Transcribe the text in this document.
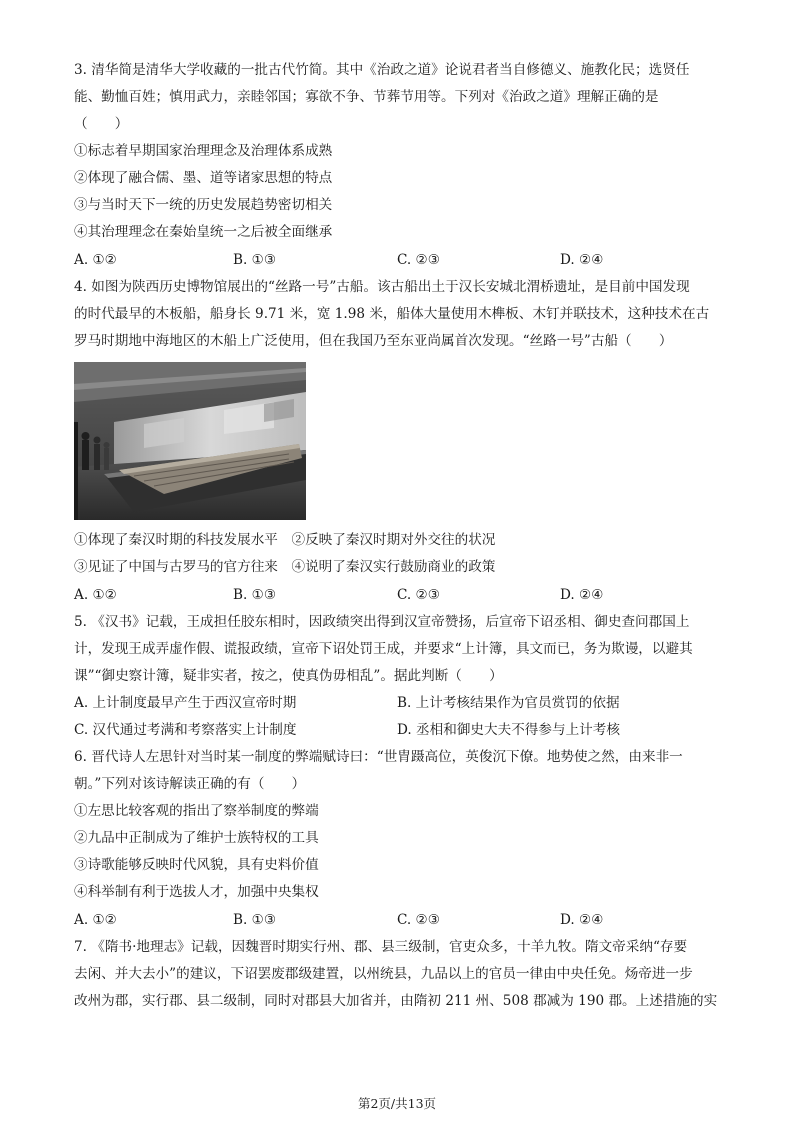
3. 清华简是清华大学收藏的一批古代竹简。其中《治政之道》论说君者当自修德义、施教化民；选贤任
能、勤恤百姓；慎用武力，亲睦邻国；寡欲不争、节葬节用等。下列对《治政之道》理解正确的是
（　　）
①标志着早期国家治理理念及治理体系成熟
②体现了融合儒、墨、道等诸家思想的特点
③与当时天下一统的历史发展趋势密切相关
④其治理理念在秦始皇统一之后被全面继承
A. ①②	B. ①③	C. ②③	D. ②④
4. 如图为陕西历史博物馆展出的“丝路一号”古船。该古船出土于汉长安城北渭桥遗址，是目前中国发现
的时代最早的木板船，船身长 9.71 米，宽 1.98 米，船体大量使用木榫板、木钉并联技术，这种技术在古
罗马时期地中海地区的木船上广泛使用，但在我国乃至东亚尚属首次发现。“丝路一号”古船（　　）
①体现了秦汉时期的科技发展水平　②反映了秦汉时期对外交往的状况
③见证了中国与古罗马的官方往来　④说明了秦汉实行鼓励商业的政策
A. ①②	B. ①③	C. ②③	D. ②④
5. 《汉书》记载，王成担任胶东相时，因政绩突出得到汉宣帝赞扬，后宣帝下诏丞相、御史查问郡国上
计，发现王成弄虚作假、谎报政绩，宣帝下诏处罚王成，并要求“上计簿，具文而已，务为欺谩，以避其
课”“御史察计簿，疑非实者，按之，使真伪毋相乱”。据此判断（　　）
A. 上计制度最早产生于西汉宣帝时期	B. 上计考核结果作为官员赏罚的依据
C. 汉代通过考满和考察落实上计制度	D. 丞相和御史大夫不得参与上计考核
6. 晋代诗人左思针对当时某一制度的弊端赋诗曰：“世胄蹑高位，英俊沉下僚。地势使之然，由来非一
朝。”下列对该诗解读正确的有（　　）
①左思比较客观的指出了察举制度的弊端
②九品中正制成为了维护士族特权的工具
③诗歌能够反映时代风貌，具有史料价值
④科举制有利于选拔人才，加强中央集权
A. ①②	B. ①③	C. ②③	D. ②④
7. 《隋书·地理志》记载，因魏晋时期实行州、郡、县三级制，官吏众多，十羊九牧。隋文帝采纳“存要
去闲、并大去小”的建议，下诏罢废郡级建置，以州统县，九品以上的官员一律由中央任免。炀帝进一步
改州为郡，实行郡、县二级制，同时对郡县大加省并，由隋初 211 州、508 郡减为 190 郡。上述措施的实
第2页/共13页
